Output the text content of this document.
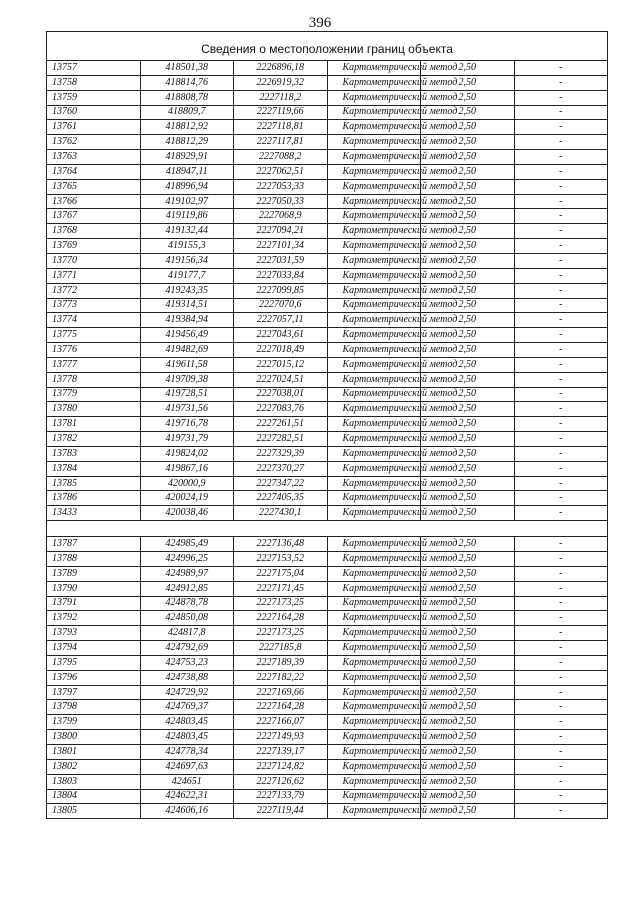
396
Сведения о местоположении границ объекта					
13757	418501,38	2226896,18	Картометрический метод	2,50	-
13758	418814,76	2226919,32	Картометрический метод	2,50	-
13759	418808,78	2227118,2	Картометрический метод	2,50	-
13760	418809,7	2227119,66	Картометрический метод	2,50	-
13761	418812,92	2227118,81	Картометрический метод	2,50	-
13762	418812,29	2227117,81	Картометрический метод	2,50	-
13763	418929,91	2227088,2	Картометрический метод	2,50	-
13764	418947,11	2227062,51	Картометрический метод	2,50	-
13765	418996,94	2227053,33	Картометрический метод	2,50	-
13766	419102,97	2227050,33	Картометрический метод	2,50	-
13767	419119,86	2227068,9	Картометрический метод	2,50	-
13768	419132,44	2227094,21	Картометрический метод	2,50	-
13769	419155,3	2227101,34	Картометрический метод	2,50	-
13770	419156,34	2227031,59	Картометрический метод	2,50	-
13771	419177,7	2227033,84	Картометрический метод	2,50	-
13772	419243,35	2227099,85	Картометрический метод	2,50	-
13773	419314,51	2227070,6	Картометрический метод	2,50	-
13774	419384,94	2227057,11	Картометрический метод	2,50	-
13775	419456,49	2227043,61	Картометрический метод	2,50	-
13776	419482,69	2227018,49	Картометрический метод	2,50	-
13777	419611,58	2227015,12	Картометрический метод	2,50	-
13778	419709,38	2227024,51	Картометрический метод	2,50	-
13779	419728,51	2227038,01	Картометрический метод	2,50	-
13780	419731,56	2227083,76	Картометрический метод	2,50	-
13781	419716,78	2227261,51	Картометрический метод	2,50	-
13782	419731,79	2227282,51	Картометрический метод	2,50	-
13783	419824,02	2227329,39	Картометрический метод	2,50	-
13784	419867,16	2227370,27	Картометрический метод	2,50	-
13785	420000,9	2227347,22	Картометрический метод	2,50	-
13786	420024,19	2227405,35	Картометрический метод	2,50	-
13433	420038,46	2227430,1	Картометрический метод	2,50	-

13787	424985,49	2227136,48	Картометрический метод	2,50	-
13788	424996,25	2227153,52	Картометрический метод	2,50	-
13789	424989,97	2227175,04	Картометрический метод	2,50	-
13790	424912,85	2227171,45	Картометрический метод	2,50	-
13791	424878,78	2227173,25	Картометрический метод	2,50	-
13792	424850,08	2227164,28	Картометрический метод	2,50	-
13793	424817,8	2227173,25	Картометрический метод	2,50	-
13794	424792,69	2227185,8	Картометрический метод	2,50	-
13795	424753,23	2227189,39	Картометрический метод	2,50	-
13796	424738,88	2227182,22	Картометрический метод	2,50	-
13797	424729,92	2227169,66	Картометрический метод	2,50	-
13798	424769,37	2227164,28	Картометрический метод	2,50	-
13799	424803,45	2227166,07	Картометрический метод	2,50	-
13800	424803,45	2227149,93	Картометрический метод	2,50	-
13801	424778,34	2227139,17	Картометрический метод	2,50	-
13802	424697,63	2227124,82	Картометрический метод	2,50	-
13803	424651	2227126,62	Картометрический метод	2,50	-
13804	424622,31	2227133,79	Картометрический метод	2,50	-
13805	424606,16	2227119,44	Картометрический метод	2,50	-
